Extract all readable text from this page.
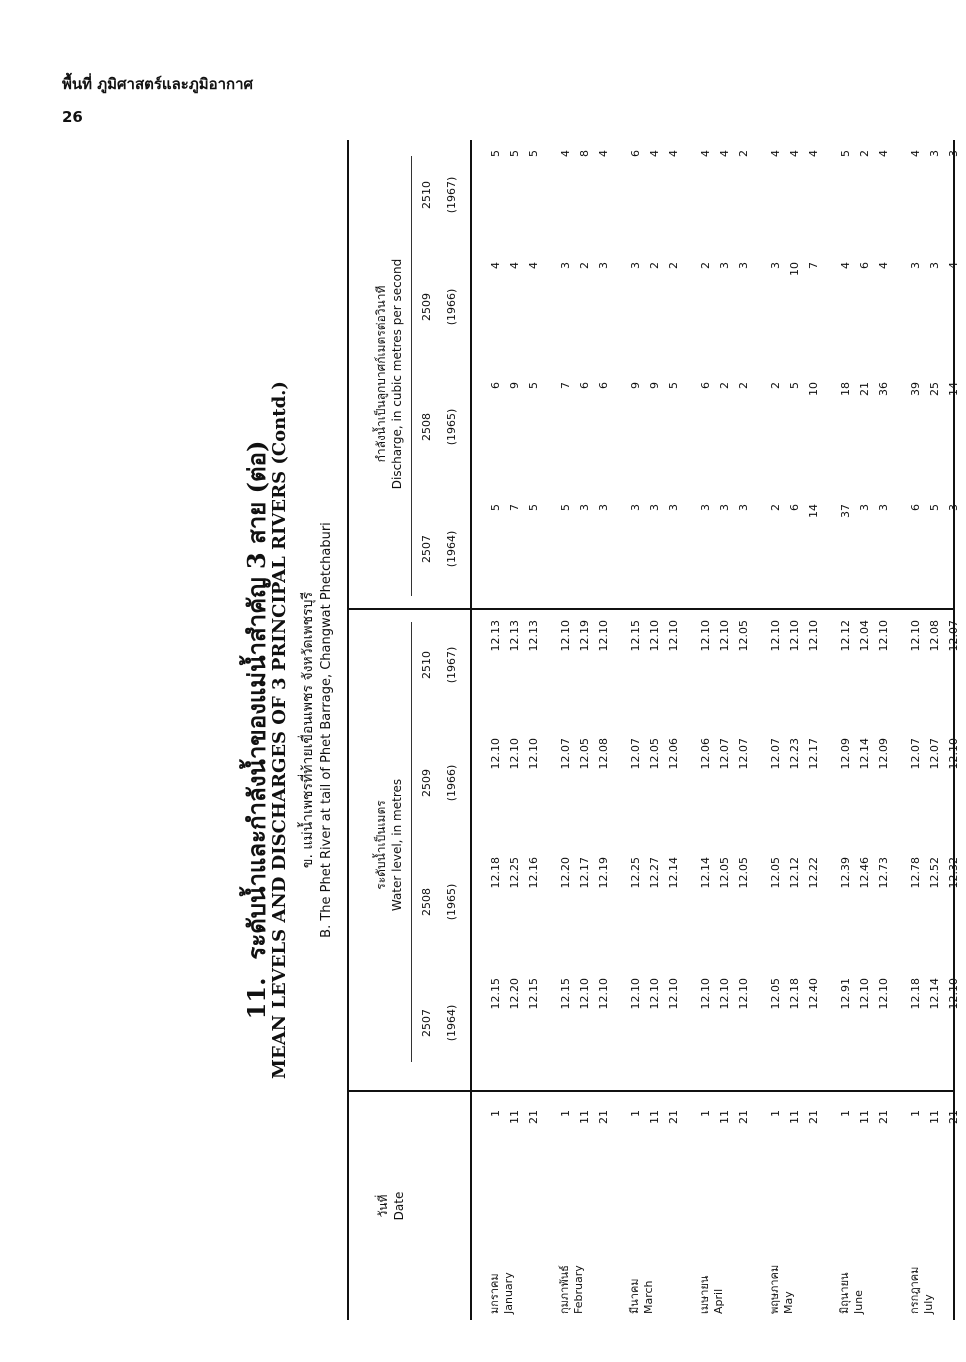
พื้นที่ ภูมิศาสตร์และภูมิอากาศ
26
11.ระดับน้ำและกำลังน้ำของแม่น้ำสำคัญ 3 สาย (ต่อ)
MEAN LEVELS AND DISCHARGES OF 3 PRINCIPAL RIVERS (Contd.) ข. แม่น้ำเพชรที่ท้ายเขื่อนเพชร จังหวัดเพชรบุรี B. The Phet River at tail of Phet Barrage, Changwat Phetchaburi
วันที่ Date
ระดับน้ำเป็นเมตร Water level, in metres
กำลังน้ำเป็นลูกบาศก์เมตรต่อวินาที Discharge, in cubic metres per second
2507 (1964)
2508 (1965)
2509 (1966)
2510 (1967)
2507 (1964)
2508 (1965)
2509 (1966)
2510 (1967)
มกราคม January
1
12.15
12.18
12.10
12.13
5
6
4
5
11
12.20
12.25
12.10
12.13
7
9
4
5
21
12.15
12.16
12.10
12.13
5
5
4
5
กุมภาพันธ์ February
1
12.15
12.20
12.07
12.10
5
7
3
4
11
12.10
12.17
12.05
12.19
3
6
2
8
21
12.10
12.19
12.08
12.10
3
6
3
4
มีนาคม March
1
12.10
12.25
12.07
12.15
3
9
3
6
11
12.10
12.27
12.05
12.10
3
9
2
4
21
12.10
12.14
12.06
12.10
3
5
2
4
เมษายน April
1
12.10
12.14
12.06
12.10
3
6
2
4
11
12.10
12.05
12.07
12.10
3
2
3
4
21
12.10
12.05
12.07
12.05
3
2
3
2
พฤษภาคม May
1
12.05
12.05
12.07
12.10
2
2
3
4
11
12.18
12.12
12.23
12.10
6
5
10
4
21
12.40
12.22
12.17
12.10
14
10
7
4
มิถุนายน June
1
12.91
12.39
12.09
12.12
37
18
4
5
11
12.10
12.46
12.14
12.04
3
21
6
2
21
12.10
12.73
12.09
12.10
3
36
4
4
กรกฎาคม July
1
12.18
12.78
12.07
12.10
6
39
3
4
11
12.14
12.52
12.07
12.08
5
25
3
3
21
12.10
12.32
12.10
12.07
3
14
4
3
